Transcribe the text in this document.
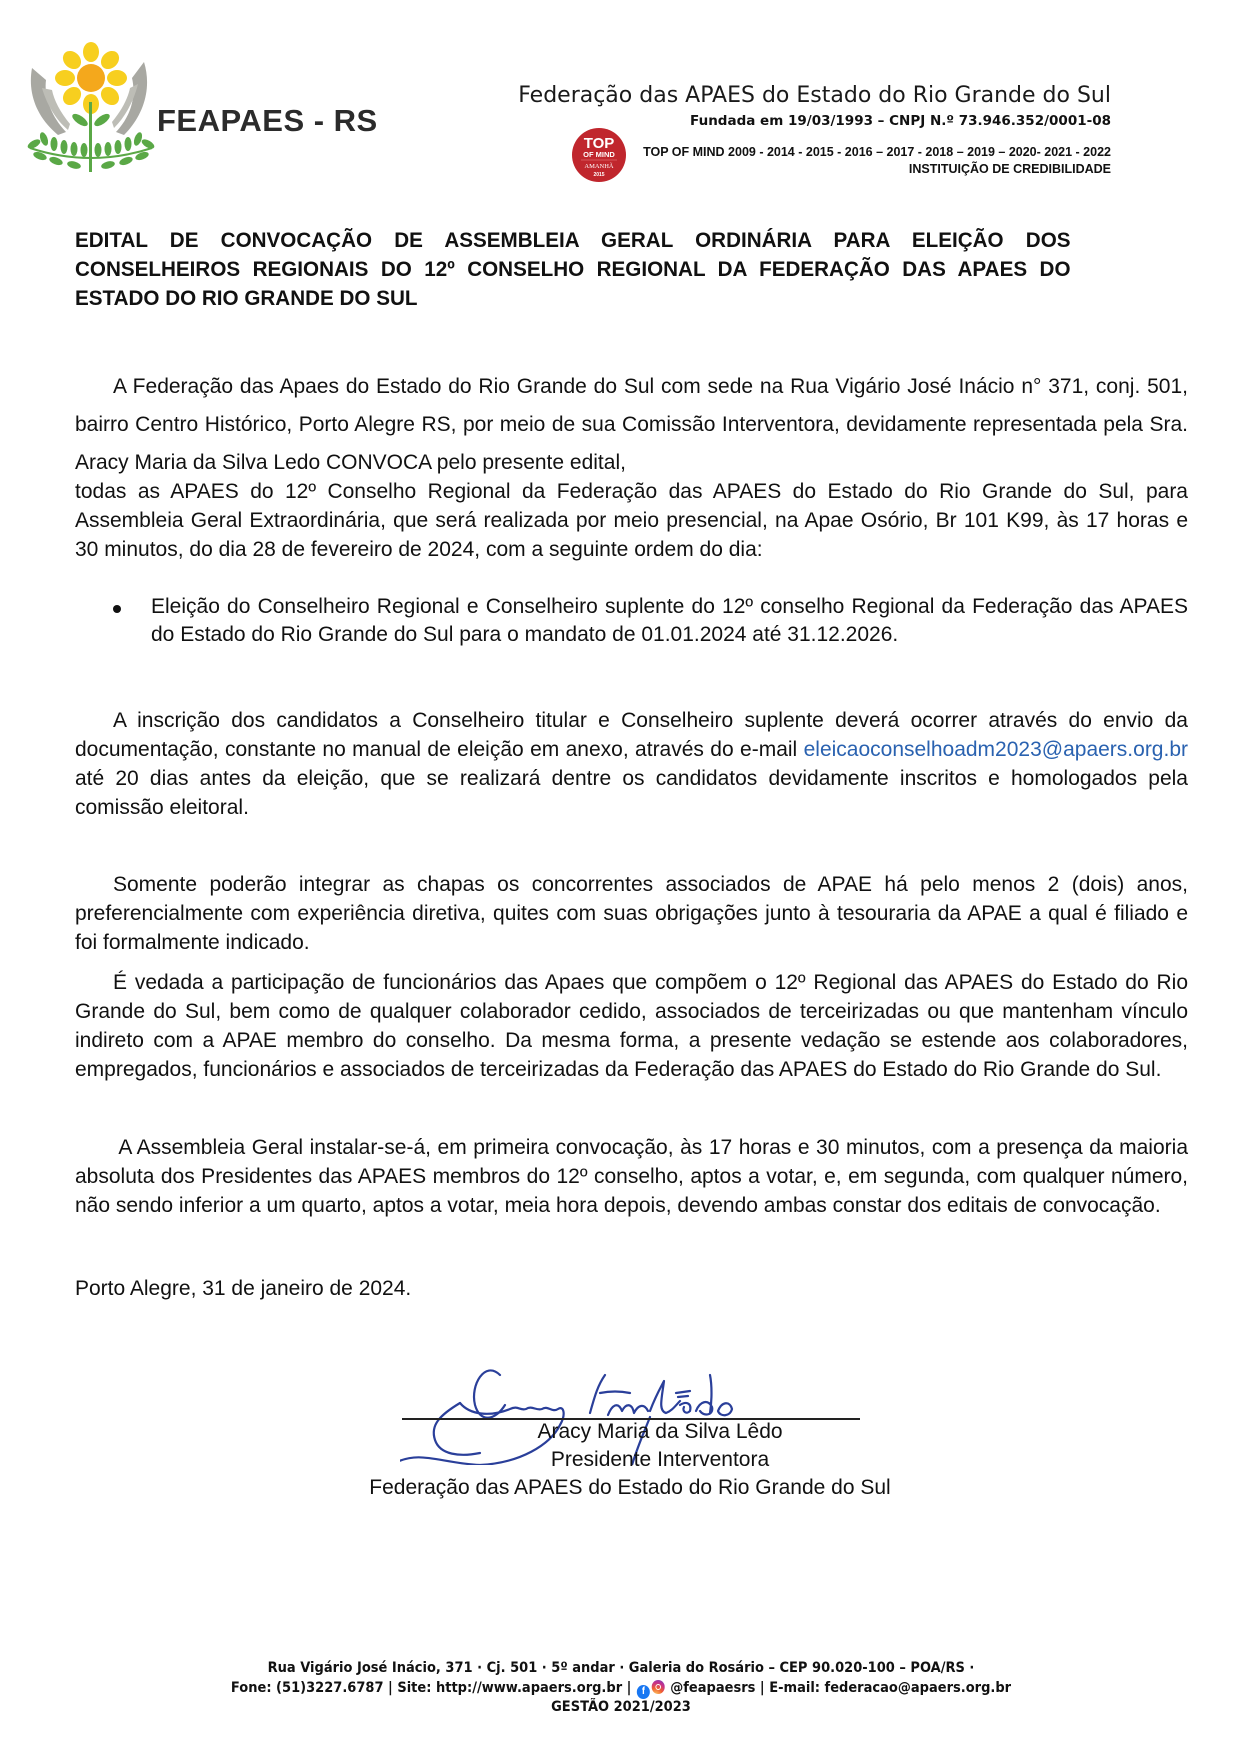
FEAPAES - RS
Federação das APAES do Estado do Rio Grande do Sul
Fundada em 19/03/1993 – CNPJ N.º 73.946.352/0001-08
TOP
OF MIND
AMANHÃ
2015
TOP OF MIND 2009 - 2014 - 2015 - 2016 – 2017 - 2018 – 2019 – 2020- 2021 - 2022
INSTITUIÇÃO DE CREDIBILIDADE
EDITAL DE CONVOCAÇÃO DE ASSEMBLEIA GERAL ORDINÁRIA PARA ELEIÇÃO DOS CONSELHEIROS REGIONAIS DO 12º CONSELHO REGIONAL DA FEDERAÇÃO DAS APAES DO ESTADO DO RIO GRANDE DO SUL
A Federação das Apaes do Estado do Rio Grande do Sul com sede na Rua Vigário José Inácio n° 371, conj. 501, bairro Centro Histórico, Porto Alegre RS, por meio de sua Comissão Interventora, devidamente representada pela Sra. Aracy Maria da Silva Ledo CONVOCA pelo presente edital,
todas as APAES do 12º Conselho Regional da Federação das APAES do Estado do Rio Grande do Sul, para Assembleia Geral Extraordinária, que será realizada por meio presencial, na Apae Osório, Br 101 K99, às 17 horas e 30 minutos, do dia 28 de fevereiro de 2024, com a seguinte ordem do dia:
Eleição do Conselheiro Regional e Conselheiro suplente do 12º conselho Regional da Federação das APAES do Estado do Rio Grande do Sul para o mandato de 01.01.2024 até 31.12.2026.
A inscrição dos candidatos a Conselheiro titular e Conselheiro suplente deverá ocorrer através do envio da documentação, constante no manual de eleição em anexo, através do e-mail eleicaoconselhoadm2023@apaers.org.br até 20 dias antes da eleição, que se realizará dentre os candidatos devidamente inscritos e homologados pela comissão eleitoral.
Somente poderão integrar as chapas os concorrentes associados de APAE há pelo menos 2 (dois) anos, preferencialmente com experiência diretiva, quites com suas obrigações junto à tesouraria da APAE a qual é filiado e foi formalmente indicado.
É vedada a participação de funcionários das Apaes que compõem o 12º Regional das APAES do Estado do Rio Grande do Sul, bem como de qualquer colaborador cedido, associados de terceirizadas ou que mantenham vínculo indireto com a APAE membro do conselho. Da mesma forma, a presente vedação se estende aos colaboradores, empregados, funcionários e associados de terceirizadas da Federação das APAES do Estado do Rio Grande do Sul.
A Assembleia Geral instalar-se-á, em primeira convocação, às 17 horas e 30 minutos, com a presença da maioria absoluta dos Presidentes das APAES membros do 12º conselho, aptos a votar, e, em segunda, com qualquer número, não sendo inferior a um quarto, aptos a votar, meia hora depois, devendo ambas constar dos editais de convocação.
Porto Alegre, 31 de janeiro de 2024.
Aracy Maria da Silva Lêdo
Presidente Interventora
Federação das APAES do Estado do Rio Grande do Sul
Rua Vigário José Inácio, 371 · Cj. 501 · 5º andar · Galeria do Rosário – CEP 90.020-100 – POA/RS ·
Fone: (51)3227.6787 | Site: http://www.apaers.org.br | f @feapaesrs | E-mail: federacao@apaers.org.br
GESTÃO 2021/2023
